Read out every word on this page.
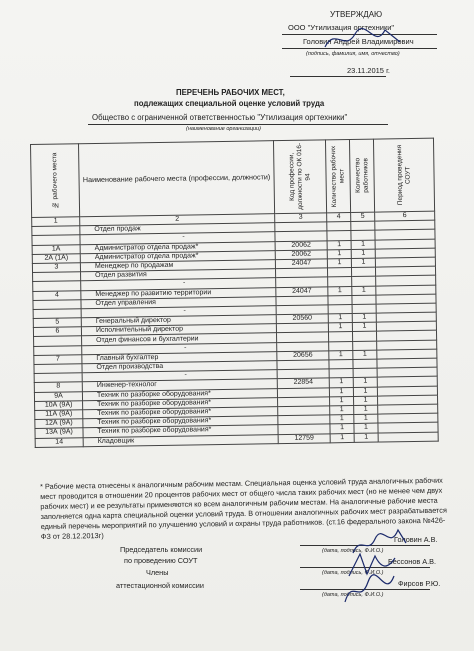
УТВЕРЖДАЮ
ООО "Утилизация оргтехники"
Головин Андрей Владимирович
(подпись, фамилия, имя, отчество)
23.11.2015 г.
ПЕРЕЧЕНЬ РАБОЧИХ МЕСТ,
подлежащих специальной оценке условий труда
Общество с ограниченной ответственностью "Утилизация оргтехники"
(наименование организации)
№ рабочего места	Наименование рабочего места (профессии, должности)	Код профессии, должности по ОК 016-94	Количество рабочих мест	Количество работников	Период проведения СОУТ

1	2	3	4	5	6
	Отдел продаж				
	-				
1А	Администратор отдела продаж*	20062	1	1	
2А (1А)	Администратор отдела продаж*	20062	1	1	
3	Менеджер по продажам	24047	1	1	
	Отдел развития				
	-				
4	Менеджер по развитию территории	24047	1	1	
	Отдел управления				
	-				
5	Генеральный директор	20560	1	1	
6	Исполнительный директор		1	1	
	Отдел финансов и бухгалтерии				
	-				
7	Главный бухгалтер	20656	1	1	
	Отдел производства				
	-				
8	Инженер-технолог	22854	1	1	
9А	Техник по разборке оборудования*		1	1	
10А (9А)	Техник по разборке оборудования*		1	1	
11А (9А)	Техник по разборке оборудования*		1	1	
12А (9А)	Техник по разборке оборудования*		1	1	
13А (9А)	Техник по разборке оборудования*		1	1	
14	Кладовщик	12759	1	1	
* Рабочие места отнесены к аналогичным рабочим местам. Специальная оценка условий труда аналогичных рабочих мест проводится в отношении 20 процентов рабочих мест от общего числа таких рабочих мест (но не менее чем двух рабочих мест) и ее результаты применяются ко всем аналогичным рабочим местам. На аналогичные рабочие места заполняется одна карта специальной оценки условий труда. В отношении аналогичных рабочих мест разрабатывается единый перечень мероприятий по улучшению условий и охраны труда работников. (ст.16 федерального закона №426-ФЗ от 28.12.2013г)
Председатель комиссии
по проведению СОУТ
Головин А.В.
(дата, подпись, Ф.И.О.)
Члены
аттестационной комиссии
Бессонов А.В.
(дата, подпись, Ф.И.О.)
Фирсов Р.Ю.
(дата, подпись, Ф.И.О.)
